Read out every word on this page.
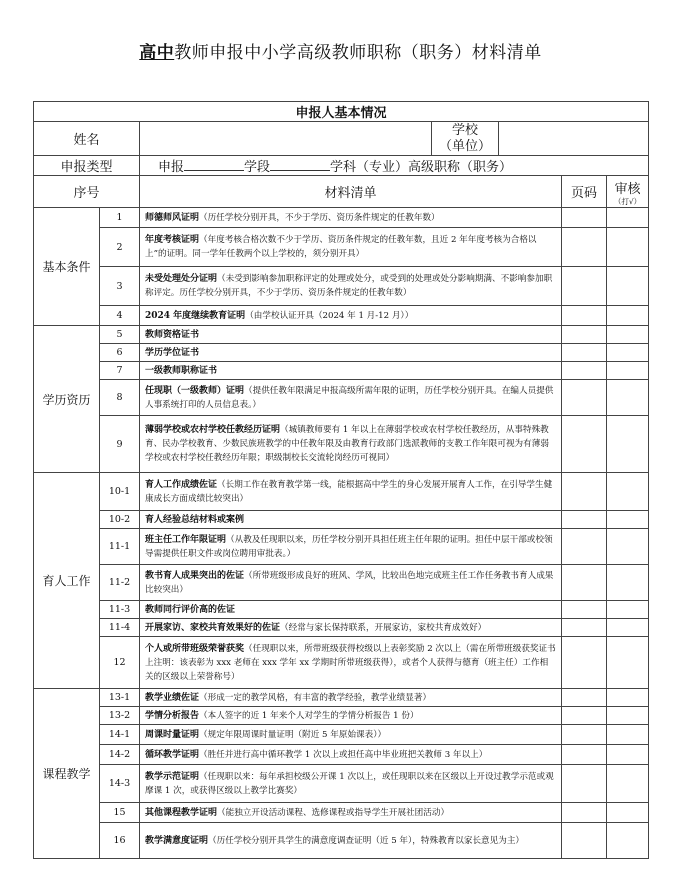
高中教师申报中小学高级教师职称（职务）材料清单
申报人基本情况						
姓名			学校
（单位）			
申报类型		申报 学段 学科（专业）高级职称（职务）				
序号		材料清单			页码	审核
（打√）

基本条件	1	师德师风证明（历任学校分别开具，不少于学历、资历条件规定的任教年数）				
	2	年度考核证明（年度考核合格次数不少于学历、资历条件规定的任教年数，且近 2 年年度考核为合格以上”的证明。同一学年任教两个以上学校的，须分别开具）				
	3	未受处理处分证明（未受到影响参加职称评定的处理或处分，或受到的处理或处分影响期满、不影响参加职称评定。历任学校分别开具，不少于学历、资历条件规定的任教年数）				
	4	2024 年度继续教育证明（由学校认证开具（2024 年 1 月-12 月））				
学历资历	5	教师资格证书				
	6	学历学位证书				
	7	一级教师职称证书				
	8	任现职（一级教师）证明（提供任教年限满足申报高级所需年限的证明，历任学校分别开具。在编人员提供人事系统打印的人员信息表。）				
	9	薄弱学校或农村学校任教经历证明（城镇教师要有 1 年以上在薄弱学校或农村学校任教经历，从事特殊教育、民办学校教育、少数民族班教学的中任教年限及由教育行政部门选派教师的支教工作年限可视为有薄弱学校或农村学校任教经历年限；职级制校长交流轮岗经历可视同）				
育人工作	10-1	育人工作成绩佐证（长期工作在教育教学第一线，能根据高中学生的身心发展开展育人工作，在引导学生健康成长方面成绩比较突出）				
	10-2	育人经验总结材料或案例				
	11-1	班主任工作年限证明（从教及任现职以来，历任学校分别开具担任班主任年限的证明。担任中层干部或校领导需提供任职文件或岗位聘用审批表。）				
	11-2	教书育人成果突出的佐证（所带班级形成良好的班风、学风，比较出色地完成班主任工作任务教书育人成果比较突出）				
	11-3	教师同行评价高的佐证				
	11-4	开展家访、家校共育效果好的佐证（经常与家长保持联系，开展家访，家校共育成效好）				
	12	个人或所带班级荣誉获奖（任现职以来，所带班级获得校级以上表彰奖励 2 次以上（需在所带班级获奖证书上注明：该表彰为 xxx 老师在 xxx 学年 xx 学期时所带班级获得），或者个人获得与德育（班主任）工作相关的区级以上荣誉称号）				
课程教学	13-1	教学业绩佐证（形成一定的教学风格，有丰富的教学经验，教学业绩显著）				
	13-2	学情分析报告（本人签字的近 1 年来个人对学生的学情分析报告 1 份）				
	14-1	周课时量证明（规定年限周课时量证明（附近 5 年原始课表））				
	14-2	循环教学证明（胜任并进行高中循环教学 1 次以上或担任高中毕业班把关教师 3 年以上）				
	14-3	教学示范证明（任现职以来：每年承担校级公开课 1 次以上，或任现职以来在区级以上开设过教学示范或观摩课 1 次，或获得区级以上教学比赛奖）				
	15	其他课程教学证明（能独立开设活动课程、选修课程或指导学生开展社团活动）				
	16	教学满意度证明（历任学校分别开具学生的满意度调查证明（近 5 年），特殊教育以家长意见为主）				
